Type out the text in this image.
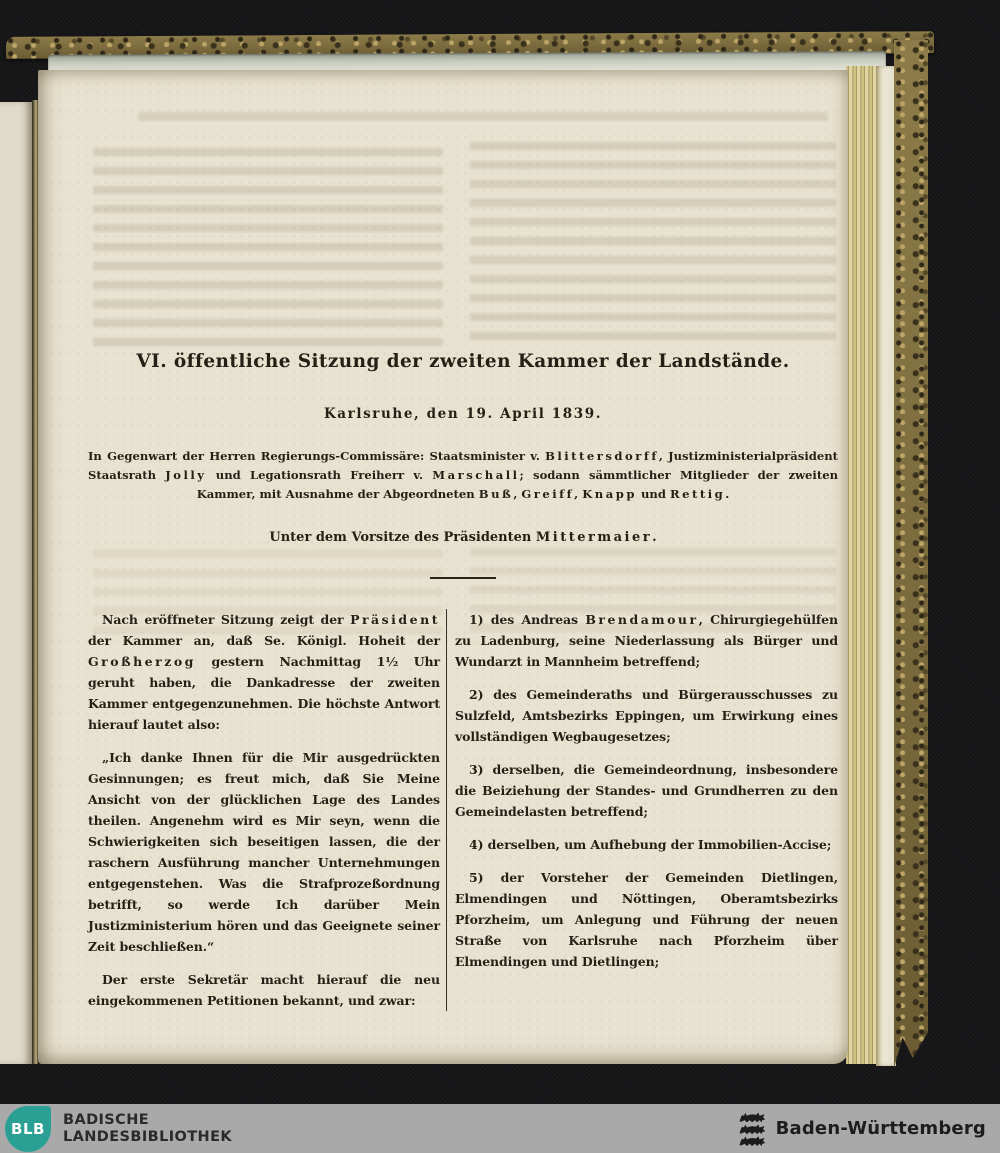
VI. öffentliche Sitzung der zweiten Kammer der Landstände.
Karlsruhe, den 19. April 1839.

In Gegenwart der Herren Regierungs-Commissäre: Staatsminister v. Blittersdorff, Justizministerialpräsident Staatsrath Jolly und Legationsrath Freiherr v. Marschall; sodann sämmtlicher Mitglieder der zweiten Kammer, mit Ausnahme der Abgeordneten Buß, Greiff, Knapp und Rettig.

Unter dem Vorsitze des Präsidenten Mittermaier.

Nach eröffneter Sitzung zeigt der Präsident der Kammer an, daß Se. Königl. Hoheit der Großherzog gestern Nachmittag 1½ Uhr geruht haben, die Dankadresse der zweiten Kammer entgegenzunehmen. Die höchste Antwort hierauf lautet also:

„Ich danke Ihnen für die Mir ausgedrückten Gesinnungen; es freut mich, daß Sie Meine Ansicht von der glücklichen Lage des Landes theilen. Angenehm wird es Mir seyn, wenn die Schwierigkeiten sich beseitigen lassen, die der raschern Ausführung mancher Unternehmungen entgegenstehen. Was die Strafprozeßordnung betrifft, so werde Ich darüber Mein Justizministerium hören und das Geeignete seiner Zeit beschließen.“

Der erste Sekretär macht hierauf die neu eingekommenen Petitionen bekannt, und zwar:

1) des Andreas Brendamour, Chirurgiegehülfen zu Ladenburg, seine Niederlassung als Bürger und Wundarzt in Mannheim betreffend;

2) des Gemeinderaths und Bürgerausschusses zu Sulzfeld, Amtsbezirks Eppingen, um Erwirkung eines vollständigen Wegbaugesetzes;

3) derselben, die Gemeindeordnung, insbesondere die Beiziehung der Standes- und Grundherren zu den Gemeindelasten betreffend;

4) derselben, um Aufhebung der Immobilien-Accise;

5) der Vorsteher der Gemeinden Dietlingen, Elmendingen und Nöttingen, Oberamtsbezirks Pforzheim, um Anlegung und Führung der neuen Straße von Karlsruhe nach Pforzheim über Elmendingen und Dietlingen;

BLB BADISCHE
LANDESBIBLIOTHEK	Baden-Württemberg
